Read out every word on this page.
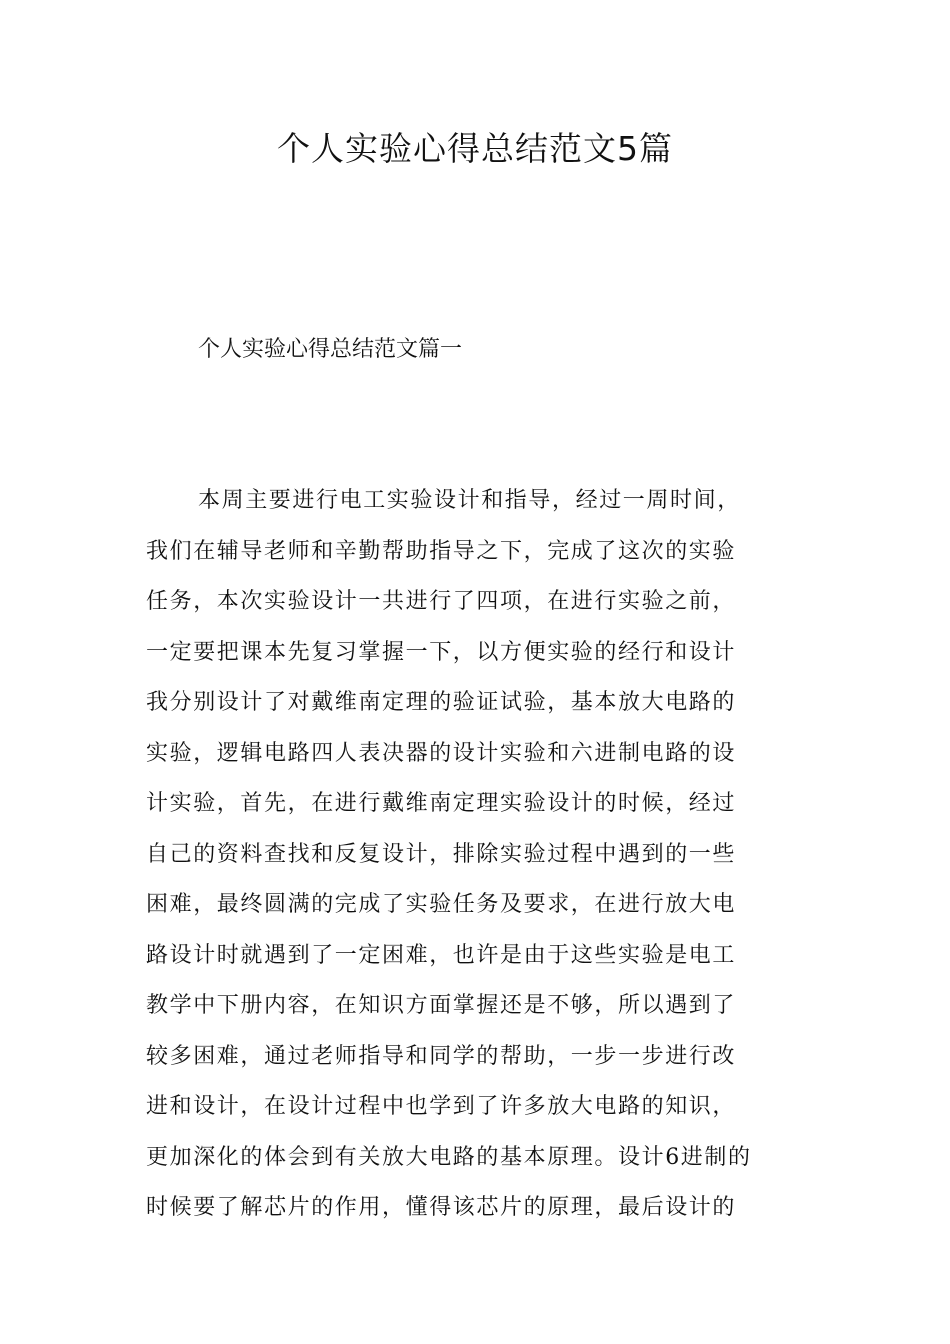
个人实验心得总结范文5篇
个人实验心得总结范文篇一
本周主要进行电工实验设计和指导，经过一周时间，
我们在辅导老师和辛勤帮助指导之下，完成了这次的实验
任务，本次实验设计一共进行了四项，在进行实验之前，
一定要把课本先复习掌握一下，以方便实验的经行和设计
我分别设计了对戴维南定理的验证试验，基本放大电路的
实验，逻辑电路四人表决器的设计实验和六进制电路的设
计实验，首先，在进行戴维南定理实验设计的时候，经过
自己的资料查找和反复设计，排除实验过程中遇到的一些
困难，最终圆满的完成了实验任务及要求，在进行放大电
路设计时就遇到了一定困难，也许是由于这些实验是电工
教学中下册内容，在知识方面掌握还是不够，所以遇到了
较多困难，通过老师指导和同学的帮助，一步一步进行改
进和设计，在设计过程中也学到了许多放大电路的知识，
更加深化的体会到有关放大电路的基本原理。设计6进制的
时候要了解芯片的作用，懂得该芯片的原理，最后设计的
